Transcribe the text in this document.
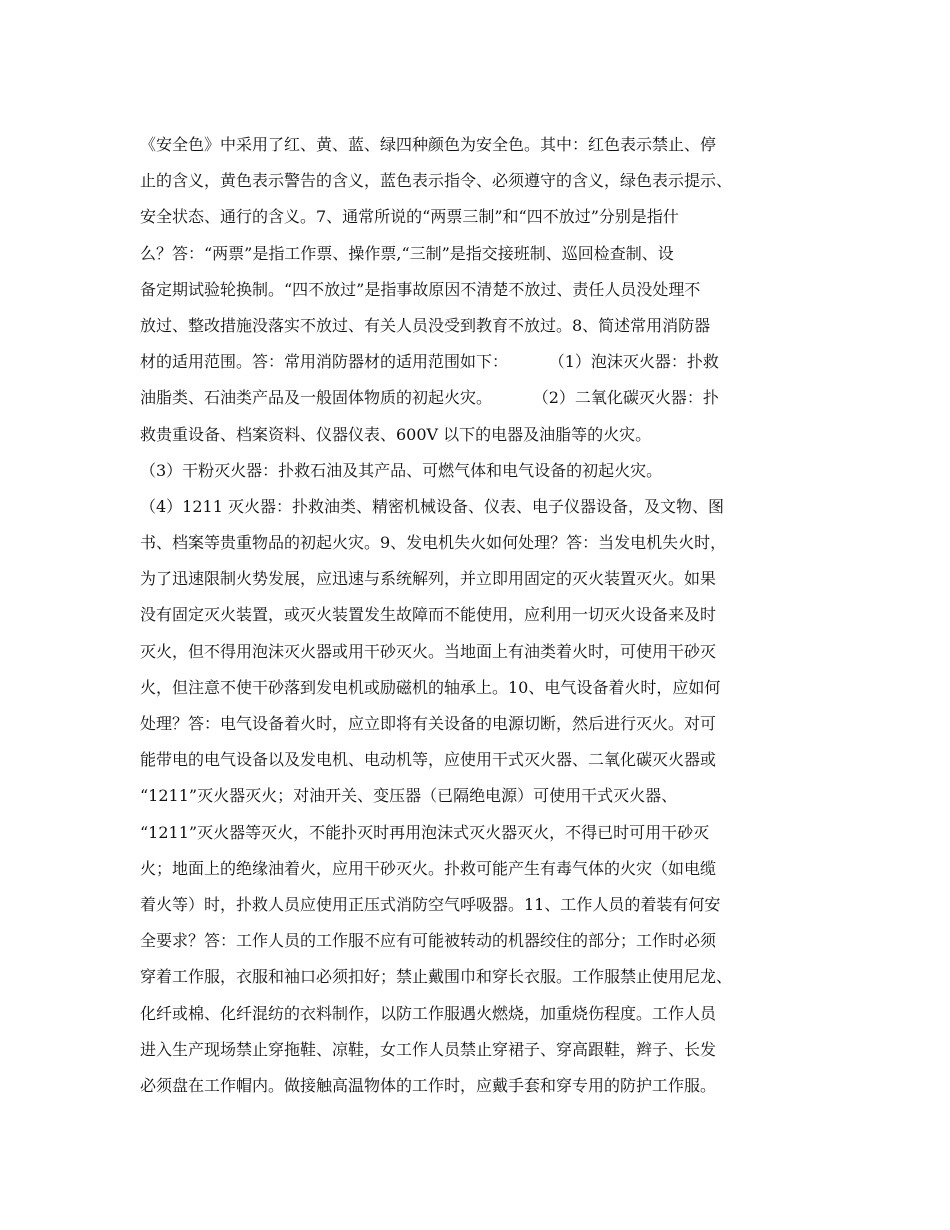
《安全色》中采用了红、黄、蓝、绿四种颜色为安全色。其中：红色表示禁止、停
止的含义，黄色表示警告的含义，蓝色表示指令、必须遵守的含义，绿色表示提示、
安全状态、通行的含义。7、通常所说的“两票三制”和“四不放过”分别是指什
么？答：“两票”是指工作票、操作票,“三制”是指交接班制、巡回检查制、设
备定期试验轮换制。“四不放过”是指事故原因不清楚不放过、责任人员没处理不
放过、整改措施没落实不放过、有关人员没受到教育不放过。8、简述常用消防器
材的适用范围。答：常用消防器材的适用范围如下：        （1）泡沫灭火器：扑救
油脂类、石油类产品及一般固体物质的初起火灾。        （2）二氧化碳灭火器：扑
救贵重设备、档案资料、仪器仪表、600V 以下的电器及油脂等的火灾。
（3）干粉灭火器：扑救石油及其产品、可燃气体和电气设备的初起火灾。
（4）1211 灭火器：扑救油类、精密机械设备、仪表、电子仪器设备，及文物、图
书、档案等贵重物品的初起火灾。9、发电机失火如何处理？答：当发电机失火时，
为了迅速限制火势发展，应迅速与系统解列，并立即用固定的灭火装置灭火。如果
没有固定灭火装置，或灭火装置发生故障而不能使用，应利用一切灭火设备来及时
灭火，但不得用泡沫灭火器或用干砂灭火。当地面上有油类着火时，可使用干砂灭
火，但注意不使干砂落到发电机或励磁机的轴承上。10、电气设备着火时，应如何
处理？答：电气设备着火时，应立即将有关设备的电源切断，然后进行灭火。对可
能带电的电气设备以及发电机、电动机等，应使用干式灭火器、二氧化碳灭火器或
“1211”灭火器灭火；对油开关、变压器（已隔绝电源）可使用干式灭火器、
“1211”灭火器等灭火，不能扑灭时再用泡沫式灭火器灭火，不得已时可用干砂灭
火；地面上的绝缘油着火，应用干砂灭火。扑救可能产生有毒气体的火灾（如电缆
着火等）时，扑救人员应使用正压式消防空气呼吸器。11、工作人员的着装有何安
全要求？答：工作人员的工作服不应有可能被转动的机器绞住的部分；工作时必须
穿着工作服，衣服和袖口必须扣好；禁止戴围巾和穿长衣服。工作服禁止使用尼龙、
化纤或棉、化纤混纺的衣料制作，以防工作服遇火燃烧，加重烧伤程度。工作人员
进入生产现场禁止穿拖鞋、凉鞋，女工作人员禁止穿裙子、穿高跟鞋，辫子、长发
必须盘在工作帽内。做接触高温物体的工作时，应戴手套和穿专用的防护工作服。
